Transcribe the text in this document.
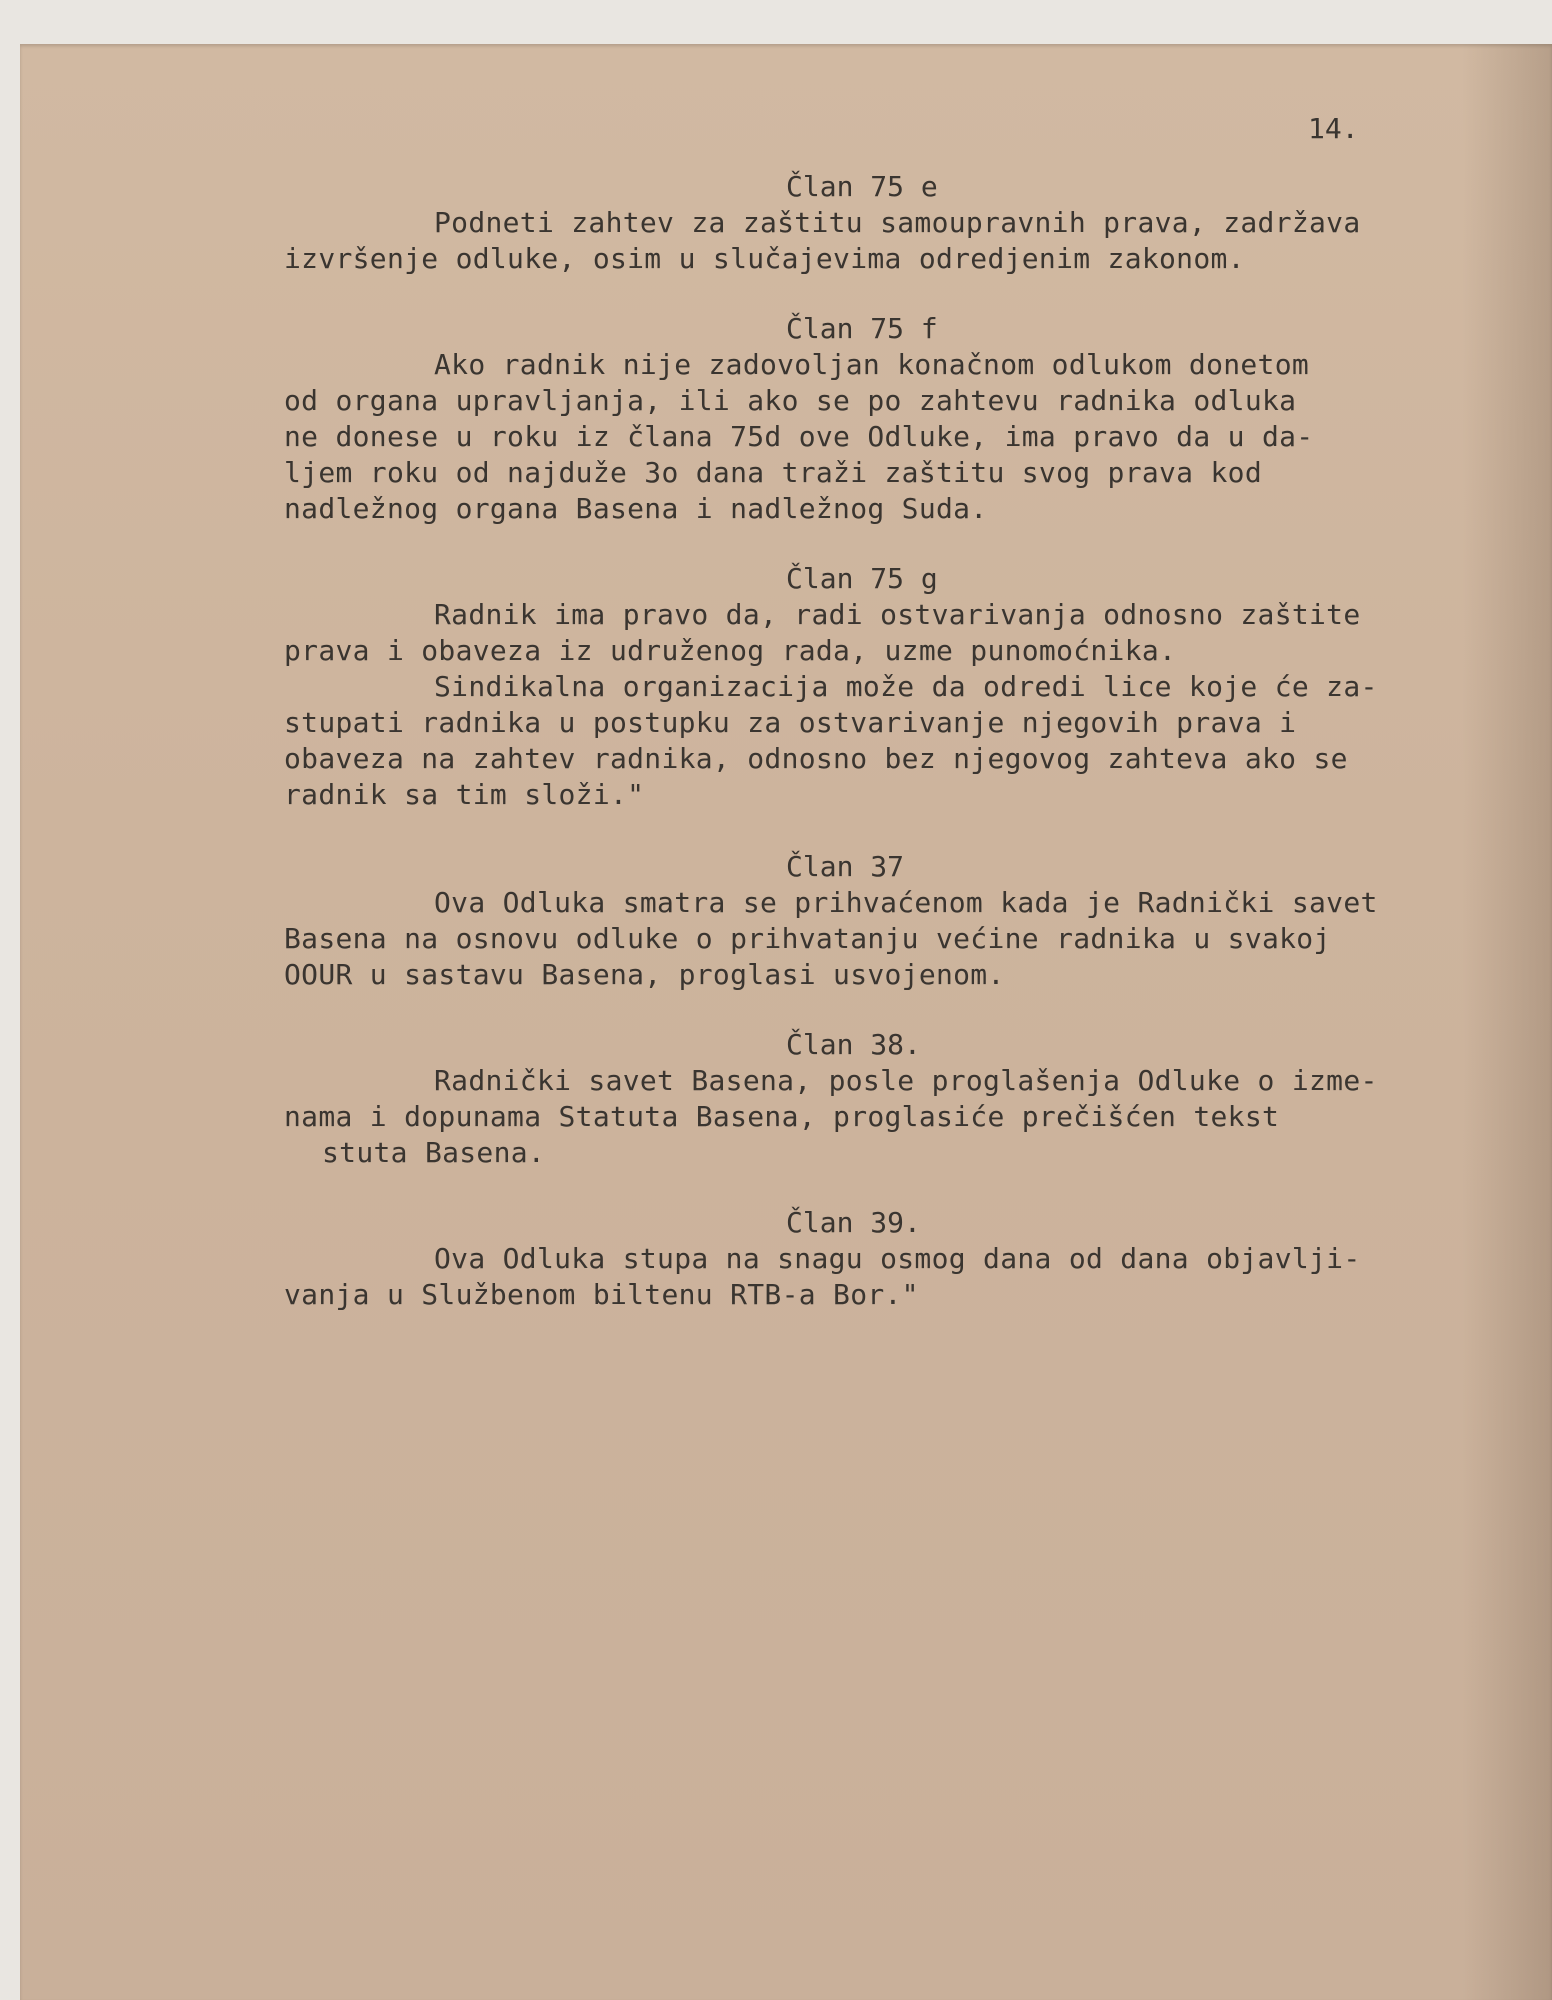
14.

Član 75 e

Podneti zahtev za zaštitu samoupravnih prava, zadržava

izvršenje odluke, osim u slučajevima odredjenim zakonom.

Član 75 f

Ako radnik nije zadovoljan konačnom odlukom donetom

od organa upravljanja, ili ako se po zahtevu radnika odluka

ne donese u roku iz člana 75d ove Odluke, ima pravo da u da-

ljem roku od najduže 3o dana traži zaštitu svog prava kod

nadležnog organa Basena i nadležnog Suda.

Član 75 g

Radnik ima pravo da, radi ostvarivanja odnosno zaštite

prava i obaveza iz udruženog rada, uzme punomoćnika.

Sindikalna organizacija može da odredi lice koje će za-

stupati radnika u postupku za ostvarivanje njegovih prava i

obaveza na zahtev radnika, odnosno bez njegovog zahteva ako se

radnik sa tim složi."

Član 37

Ova Odluka smatra se prihvaćenom kada je Radnički savet

Basena na osnovu odluke o prihvatanju većine radnika u svakoj

OOUR u sastavu Basena, proglasi usvojenom.

Član 38.

Radnički savet Basena, posle proglašenja Odluke o izme-

nama i dopunama Statuta Basena, proglasiće prečišćen tekst

stuta Basena.

Član 39.

Ova Odluka stupa na snagu osmog dana od dana objavlji-

vanja u Službenom biltenu RTB-a Bor."
